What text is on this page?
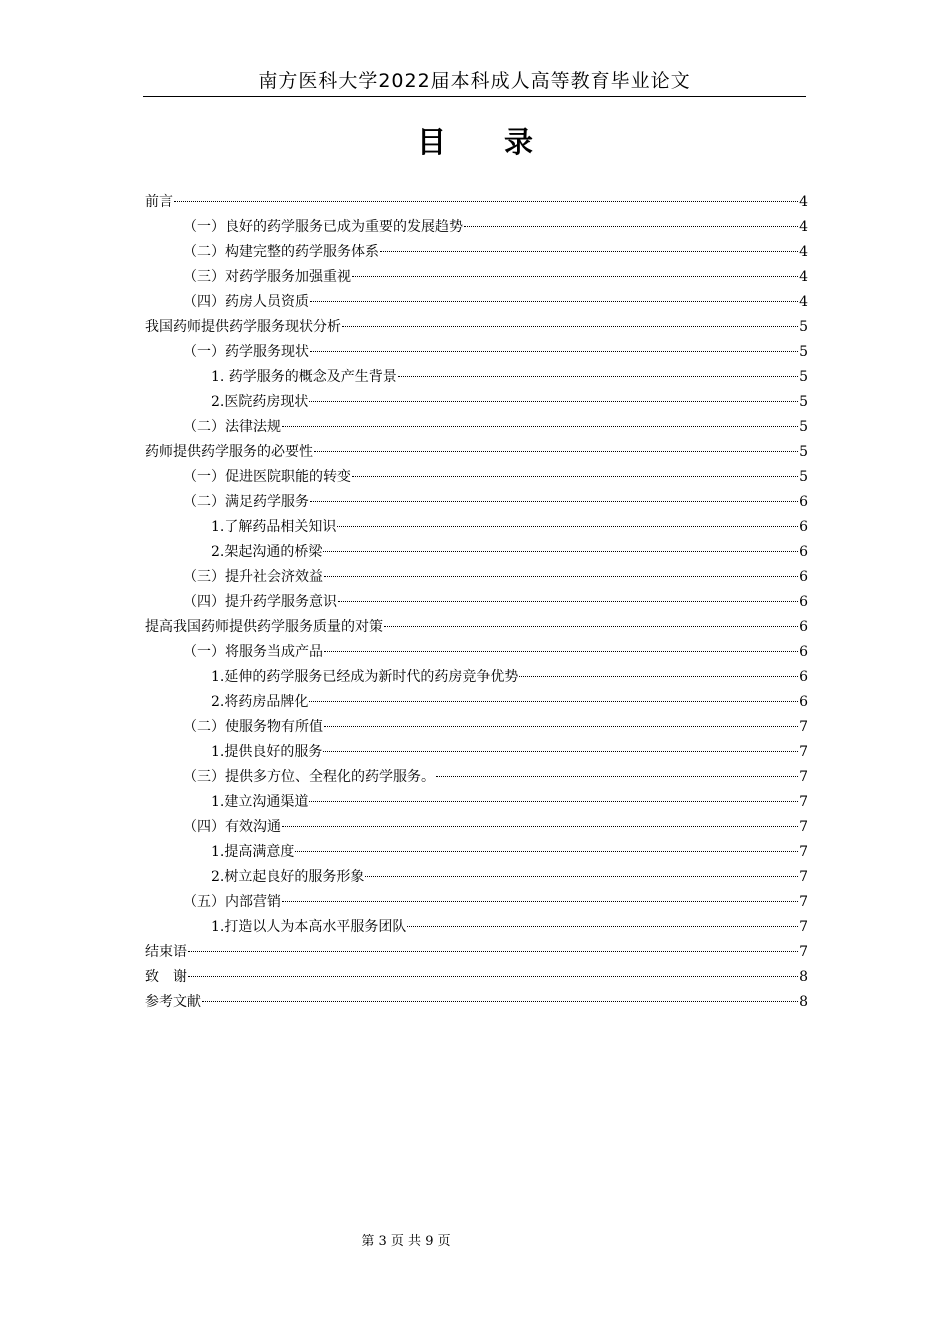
南方医科大学2022届本科成人高等教育毕业论文
目 录
前言	4
（一）良好的药学服务已成为重要的发展趋势	4
（二）构建完整的药学服务体系	4
（三）对药学服务加强重视	4
（四）药房人员资质	4
我国药师提供药学服务现状分析	5
（一）药学服务现状	5
1. 药学服务的概念及产生背景	5
2.医院药房现状	5
（二）法律法规	5
药师提供药学服务的必要性	5
（一）促进医院职能的转变	5
（二）满足药学服务	6
1.了解药品相关知识	6
2.架起沟通的桥梁	6
（三）提升社会济效益	6
（四）提升药学服务意识	6
提高我国药师提供药学服务质量的对策	6
（一）将服务当成产品	6
1.延伸的药学服务已经成为新时代的药房竞争优势	6
2.将药房品牌化	6
（二）使服务物有所值	7
1.提供良好的服务	7
（三）提供多方位、全程化的药学服务。	7
1.建立沟通渠道	7
（四）有效沟通	7
1.提高满意度	7
2.树立起良好的服务形象	7
（五）内部营销	7
1.打造以人为本高水平服务团队	7
结束语	7
致　谢	8
参考文献	8
第 3 页 共 9 页
